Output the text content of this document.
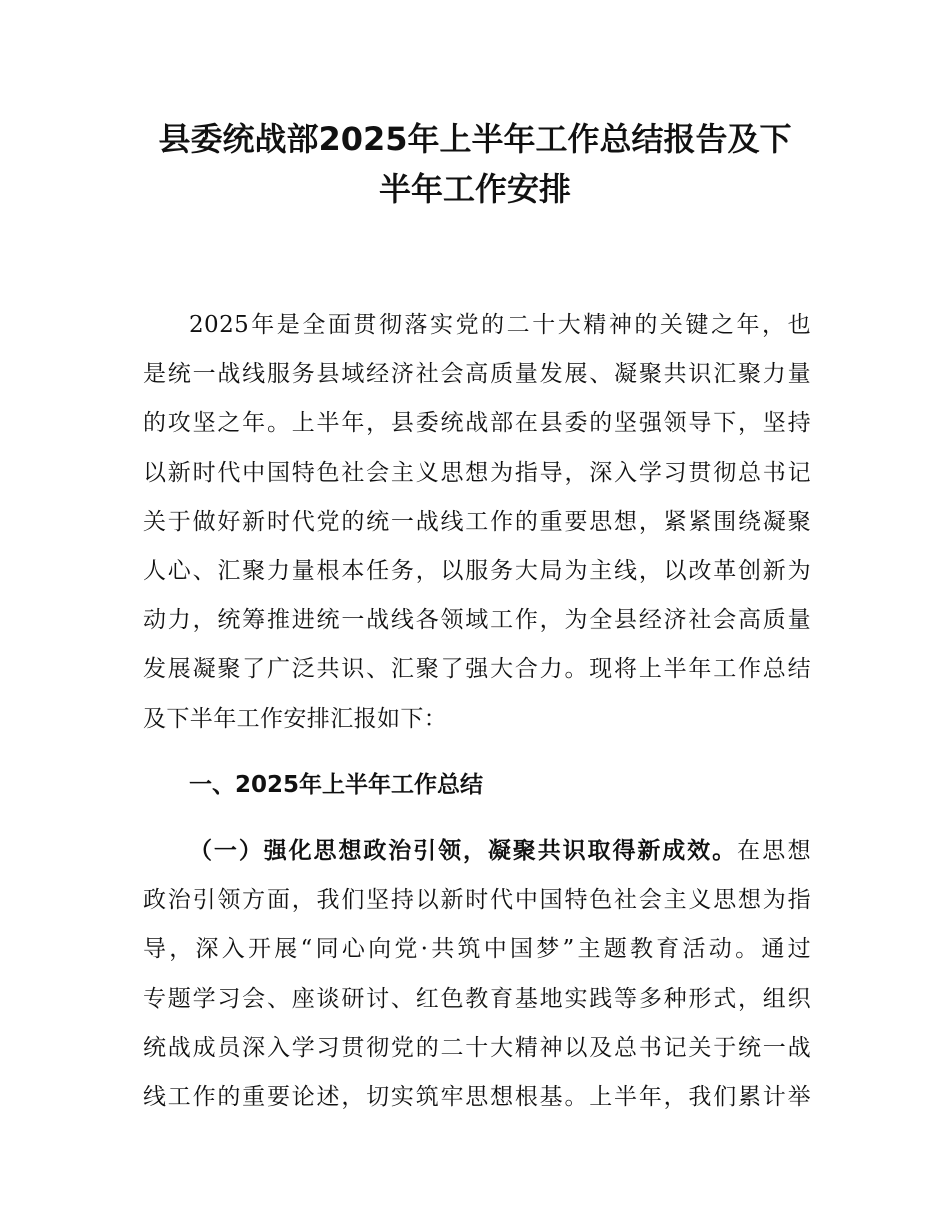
县委统战部2025年上半年工作总结报告及下
半年工作安排
2025年是全面贯彻落实党的二十大精神的关键之年，也
是统一战线服务县域经济社会高质量发展、凝聚共识汇聚力量
的攻坚之年。上半年，县委统战部在县委的坚强领导下，坚持
以新时代中国特色社会主义思想为指导，深入学习贯彻总书记
关于做好新时代党的统一战线工作的重要思想，紧紧围绕凝聚
人心、汇聚力量根本任务，以服务大局为主线，以改革创新为
动力，统筹推进统一战线各领域工作，为全县经济社会高质量
发展凝聚了广泛共识、汇聚了强大合力。现将上半年工作总结
及下半年工作安排汇报如下：
一、2025年上半年工作总结
（一）强化思想政治引领，凝聚共识取得新成效。在思想
政治引领方面，我们坚持以新时代中国特色社会主义思想为指
导，深入开展“同心向党·共筑中国梦”主题教育活动。通过
专题学习会、座谈研讨、红色教育基地实践等多种形式，组织
统战成员深入学习贯彻党的二十大精神以及总书记关于统一战
线工作的重要论述，切实筑牢思想根基。上半年，我们累计举
